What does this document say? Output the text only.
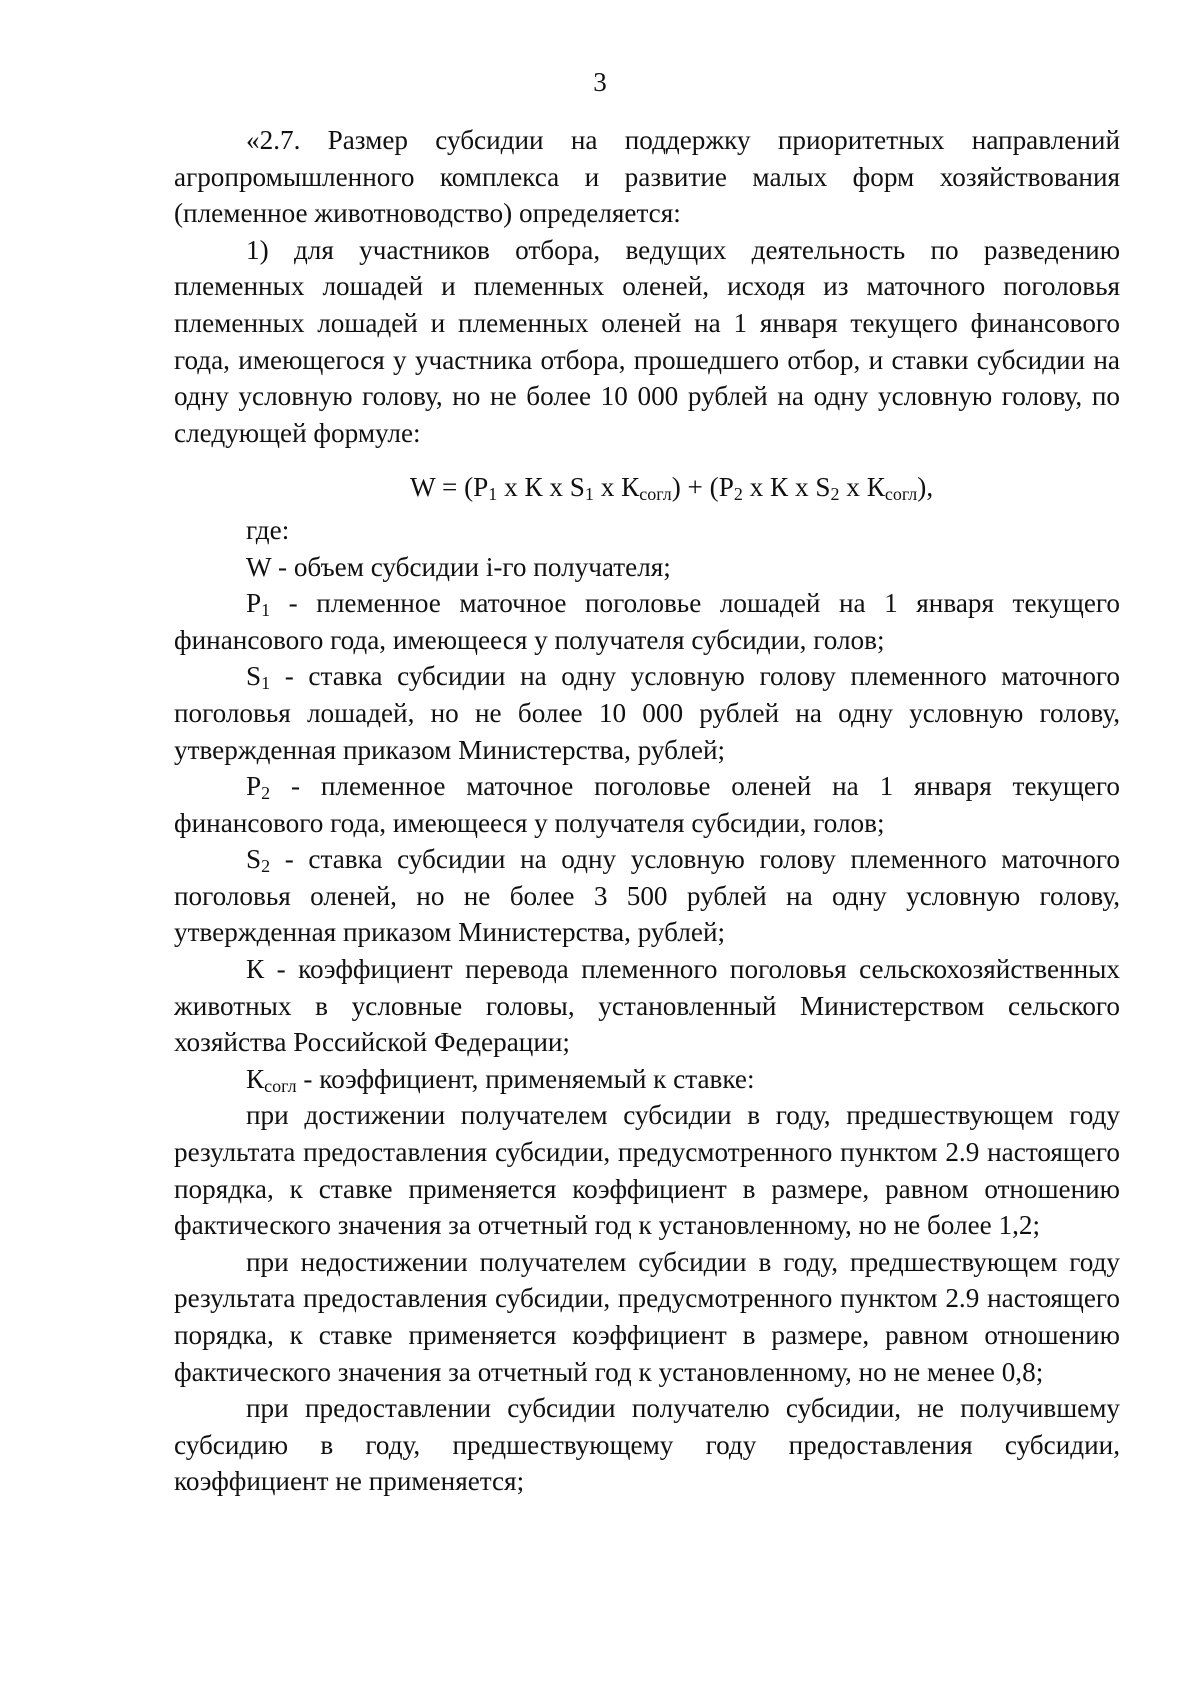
3

«2.7. Размер субсидии на поддержку приоритетных направлений агропромышленного комплекса и развитие малых форм хозяйствования (племенное животноводство) определяется:

1) для участников отбора, ведущих деятельность по разведению племенных лошадей и племенных оленей, исходя из маточного поголовья племенных лошадей и племенных оленей на 1 января текущего финансового года, имеющегося у участника отбора, прошедшего отбор, и ставки субсидии на одну условную голову, но не более 10 000 рублей на одну условную голову, по следующей формуле:

$W = (P_1$ х К х $S_1$ х $К_{согл}) + (P_2$ х К х $S_2$ х $К_{согл}$),

где:

W - объем субсидии i-го получателя;

$P_1$ - племенное маточное поголовье лошадей на 1 января текущего финансового года, имеющееся у получателя субсидии, голов;

$S_1$ - ставка субсидии на одну условную голову племенного маточного поголовья лошадей, но не более 10 000 рублей на одну условную голову, утвержденная приказом Министерства, рублей;

$P_2$ - племенное маточное поголовье оленей на 1 января текущего финансового года, имеющееся у получателя субсидии, голов;

$S_2$ - ставка субсидии на одну условную голову племенного маточного поголовья оленей, но не более 3 500 рублей на одну условную голову, утвержденная приказом Министерства, рублей;

К - коэффициент перевода племенного поголовья сельскохозяйственных животных в условные головы, установленный Министерством сельского хозяйства Российской Федерации;

$К_{согл}$ - коэффициент, применяемый к ставке:

при достижении получателем субсидии в году, предшествующем году результата предоставления субсидии, предусмотренного пунктом 2.9 настоящего порядка, к ставке применяется коэффициент в размере, равном отношению фактического значения за отчетный год к установленному, но не более 1,2;

при недостижении получателем субсидии в году, предшествующем году результата предоставления субсидии, предусмотренного пунктом 2.9 настоящего порядка, к ставке применяется коэффициент в размере, равном отношению фактического значения за отчетный год к установленному, но не менее 0,8;

при предоставлении субсидии получателю субсидии, не получившему субсидию в году, предшествующему году предоставления субсидии, коэффициент не применяется;
